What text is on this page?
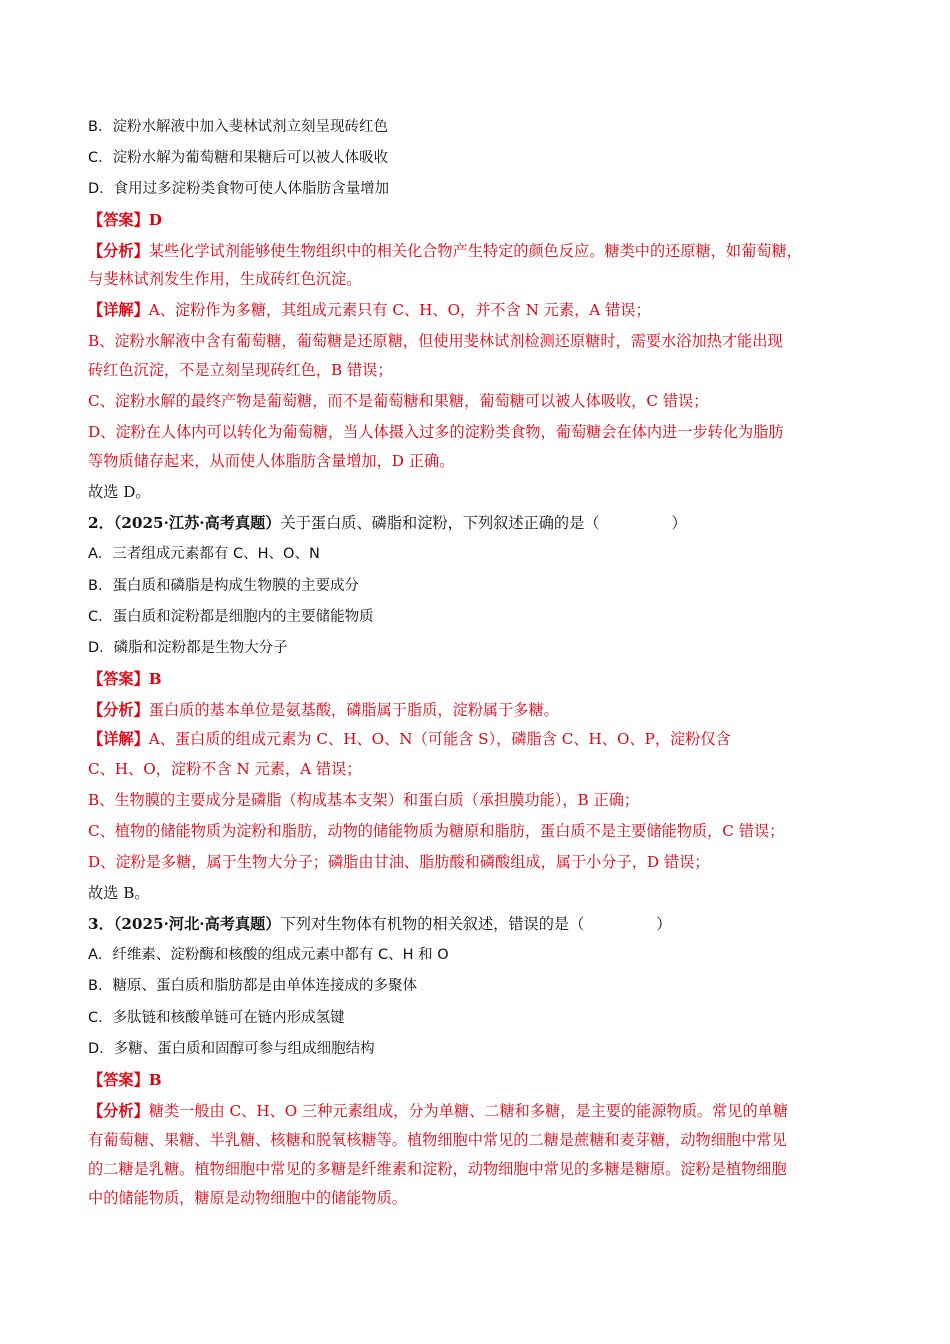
B．淀粉水解液中加入斐林试剂立刻呈现砖红色

C．淀粉水解为葡萄糖和果糖后可以被人体吸收

D．食用过多淀粉类食物可使人体脂肪含量增加

【答案】D

【分析】某些化学试剂能够使生物组织中的相关化合物产生特定的颜色反应。糖类中的还原糖，如葡萄糖，

与斐林试剂发生作用，生成砖红色沉淀。

【详解】A、淀粉作为多糖，其组成元素只有 C、H、O，并不含 N 元素，A 错误；

B、淀粉水解液中含有葡萄糖，葡萄糖是还原糖，但使用斐林试剂检测还原糖时，需要水浴加热才能出现

砖红色沉淀，不是立刻呈现砖红色，B 错误；

C、淀粉水解的最终产物是葡萄糖，而不是葡萄糖和果糖，葡萄糖可以被人体吸收，C 错误；

D、淀粉在人体内可以转化为葡萄糖，当人体摄入过多的淀粉类食物，葡萄糖会在体内进一步转化为脂肪

等物质储存起来，从而使人体脂肪含量增加，D 正确。

故选 D。

2．（2025·江苏·高考真题）关于蛋白质、磷脂和淀粉，下列叙述正确的是（	）

A．三者组成元素都有 C、H、O、N

B．蛋白质和磷脂是构成生物膜的主要成分

C．蛋白质和淀粉都是细胞内的主要储能物质

D．磷脂和淀粉都是生物大分子

【答案】B

【分析】蛋白质的基本单位是氨基酸，磷脂属于脂质，淀粉属于多糖。

【详解】A、蛋白质的组成元素为 C、H、O、N（可能含 S），磷脂含 C、H、O、P，淀粉仅含

C、H、O，淀粉不含 N 元素，A 错误；

B、生物膜的主要成分是磷脂（构成基本支架）和蛋白质（承担膜功能），B 正确；

C、植物的储能物质为淀粉和脂肪，动物的储能物质为糖原和脂肪，蛋白质不是主要储能物质，C 错误；

D、淀粉是多糖，属于生物大分子；磷脂由甘油、脂肪酸和磷酸组成，属于小分子，D 错误；

故选 B。

3．（2025·河北·高考真题）下列对生物体有机物的相关叙述，错误的是（	）

A．纤维素、淀粉酶和核酸的组成元素中都有 C、H 和 O

B．糖原、蛋白质和脂肪都是由单体连接成的多聚体

C．多肽链和核酸单链可在链内形成氢键

D．多糖、蛋白质和固醇可参与组成细胞结构

【答案】B

【分析】糖类一般由 C、H、O 三种元素组成，分为单糖、二糖和多糖，是主要的能源物质。常见的单糖

有葡萄糖、果糖、半乳糖、核糖和脱氧核糖等。植物细胞中常见的二糖是蔗糖和麦芽糖，动物细胞中常见

的二糖是乳糖。植物细胞中常见的多糖是纤维素和淀粉，动物细胞中常见的多糖是糖原。淀粉是植物细胞

中的储能物质，糖原是动物细胞中的储能物质。
